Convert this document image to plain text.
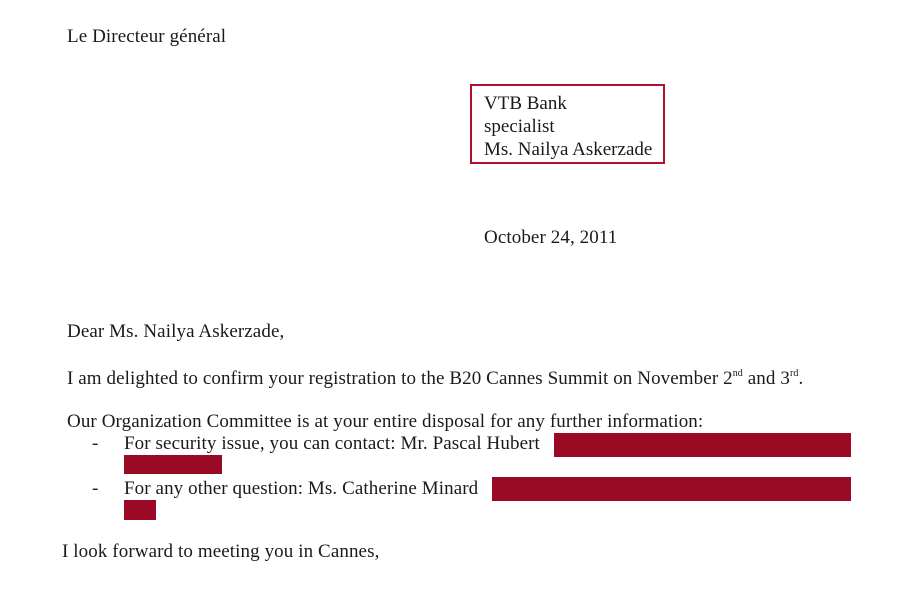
Le Directeur général
VTB Bank
specialist
Ms. Nailya Askerzade
October 24, 2011
Dear Ms. Nailya Askerzade,
I am delighted to confirm your registration to the B20 Cannes Summit on November 2nd and 3rd.
Our Organization Committee is at your entire disposal for any further information:
- For security issue, you can contact: Mr. Pascal Hubert
- For any other question: Ms. Catherine Minard
I look forward to meeting you in Cannes,
